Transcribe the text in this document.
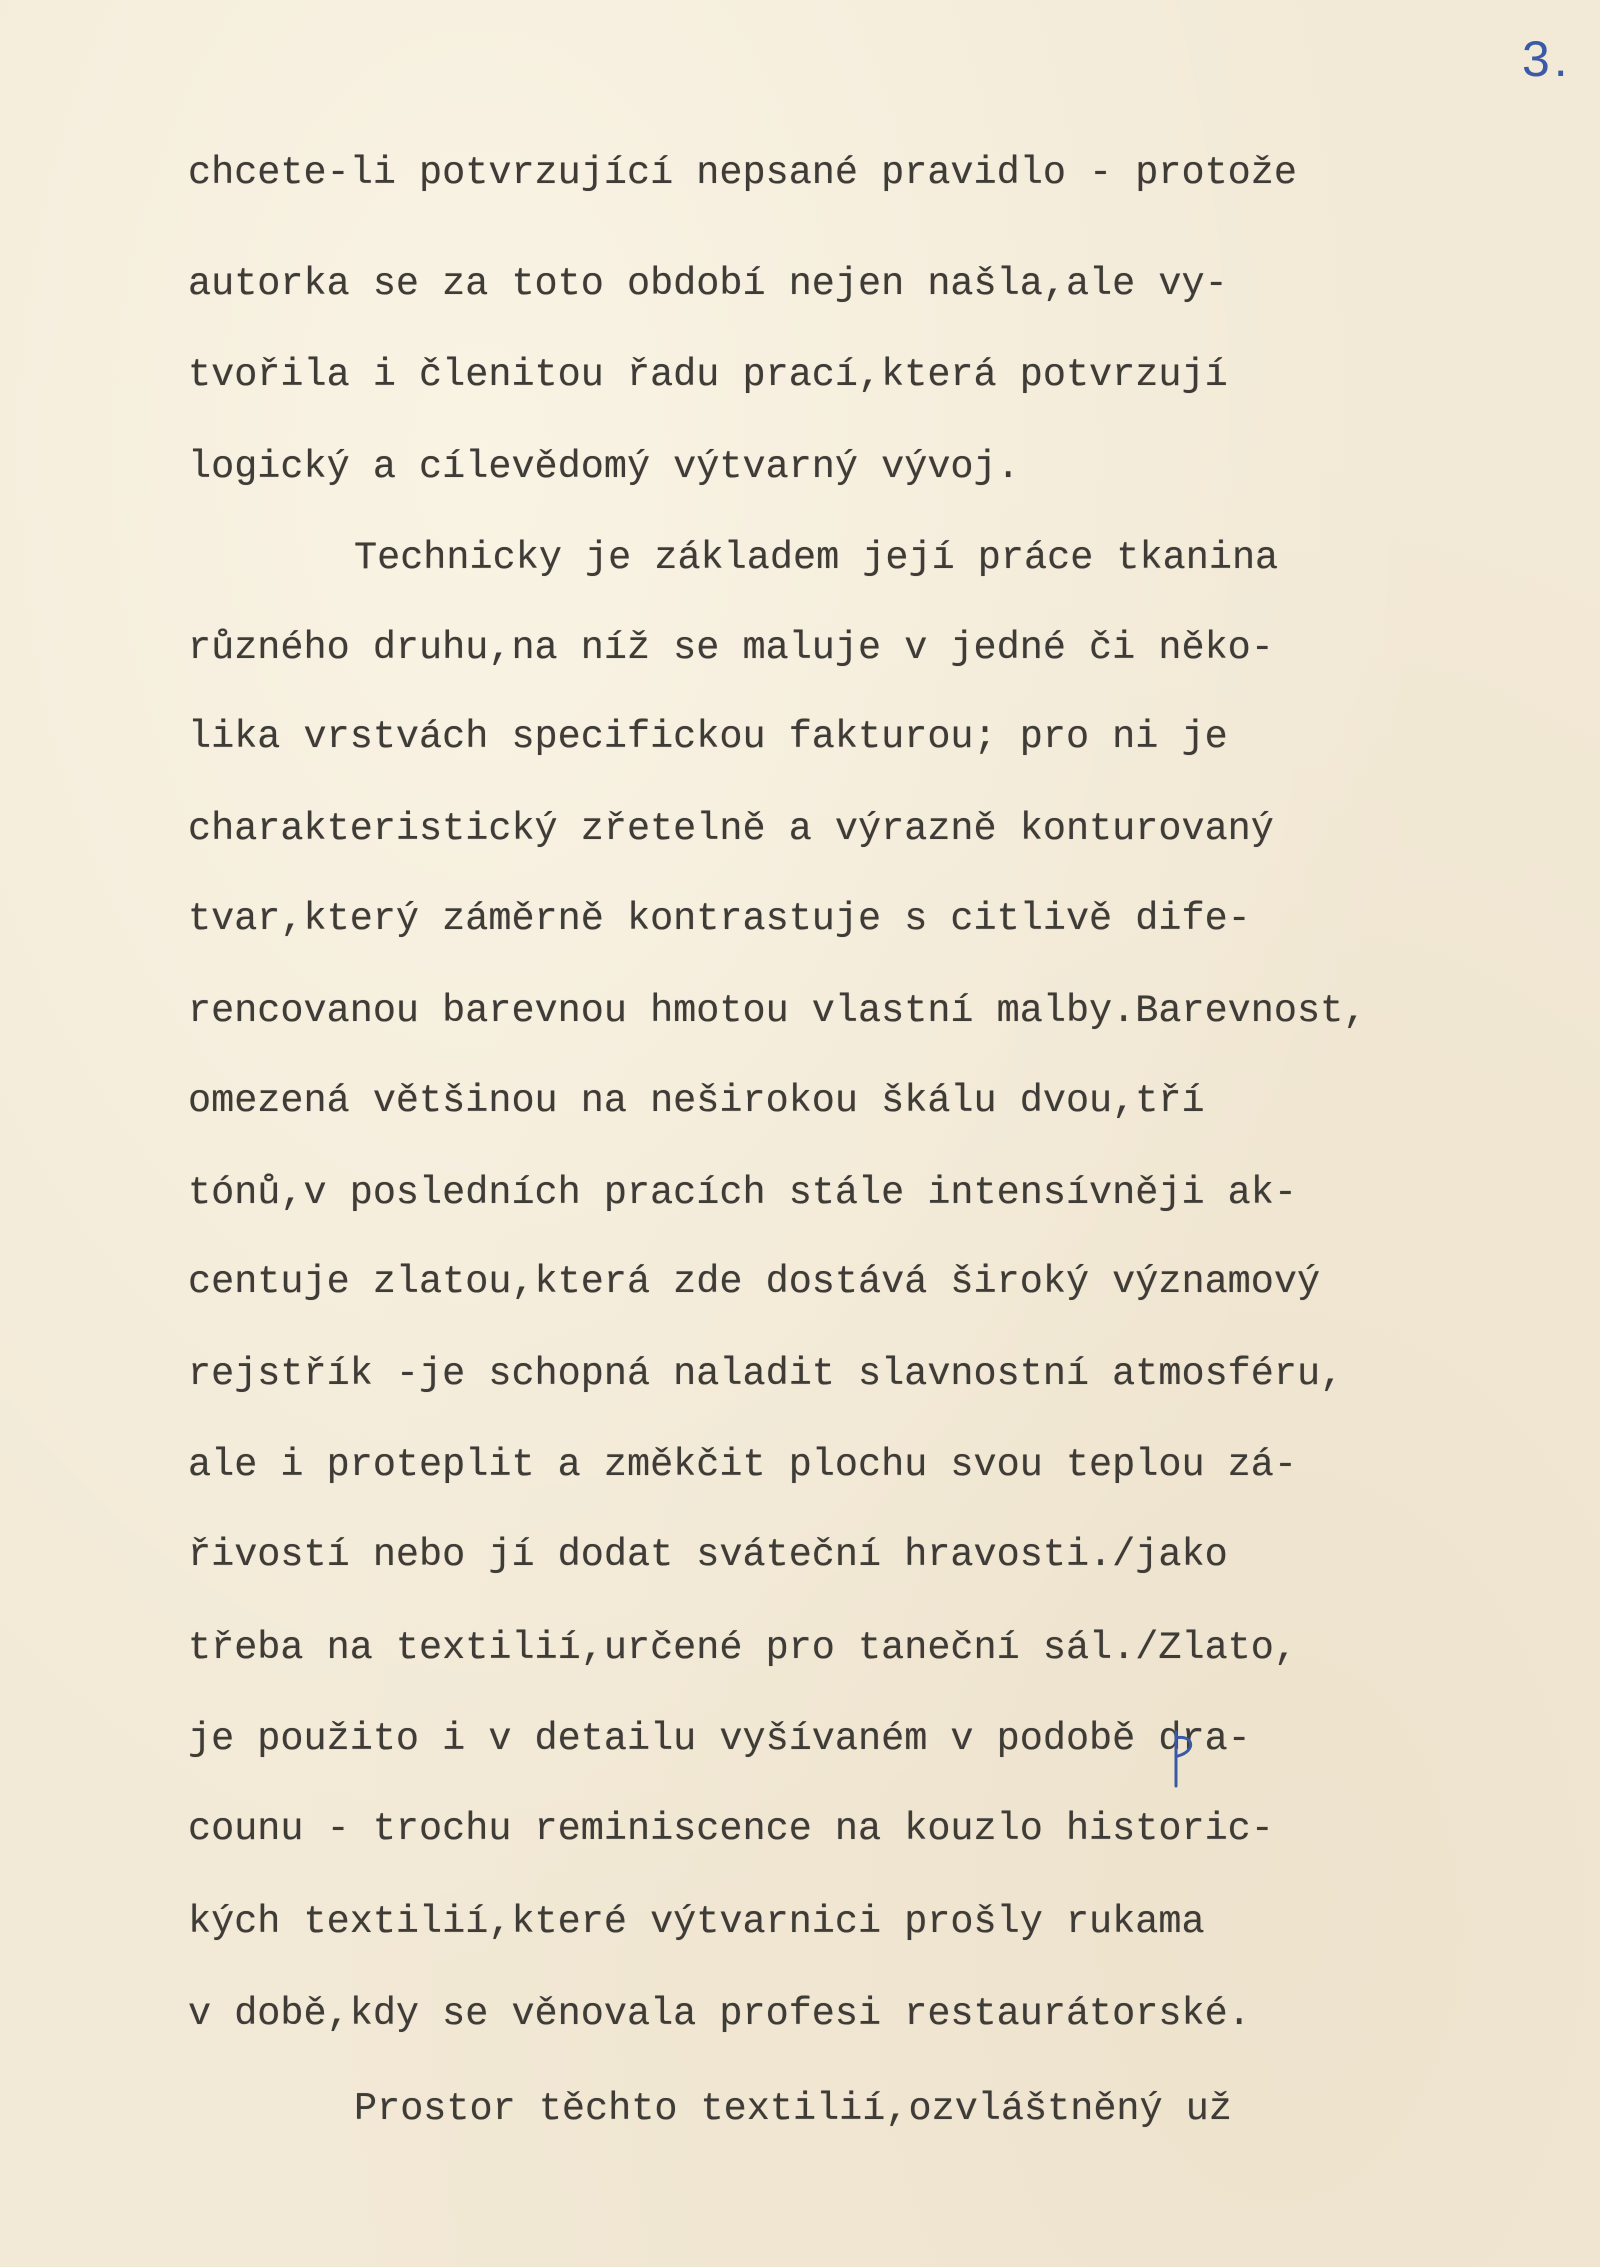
3.
chcete-li potvrzující nepsané pravidlo - protože
autorka se za toto období nejen našla,ale vy-
tvořila i členitou řadu prací,která potvrzují
logický a cílevědomý výtvarný vývoj.
Technicky je základem její práce tkanina
různého druhu,na níž se maluje v jedné či něko-
lika vrstvách specifickou fakturou; pro ni je
charakteristický zřetelně a výrazně konturovaný
tvar,který záměrně kontrastuje s citlivě dife-
rencovanou barevnou hmotou vlastní malby.Barevnost,
omezená většinou na neširokou škálu dvou,tří
tónů,v posledních pracích stále intensívněji ak-
centuje zlatou,která zde dostává široký významový
rejstřík -je schopná naladit slavnostní atmosféru,
ale i proteplit a změkčit plochu svou teplou zá-
řivostí nebo jí dodat sváteční hravosti./jako
třeba na textilií,určené pro taneční sál./Zlato,
je použito i v detailu vyšívaném v podobě dra-
counu - trochu reminiscence na kouzlo historic-
kých textilií,které výtvarnici prošly rukama
v době,kdy se věnovala profesi restaurátorské.
Prostor těchto textilií,ozvláštněný už
